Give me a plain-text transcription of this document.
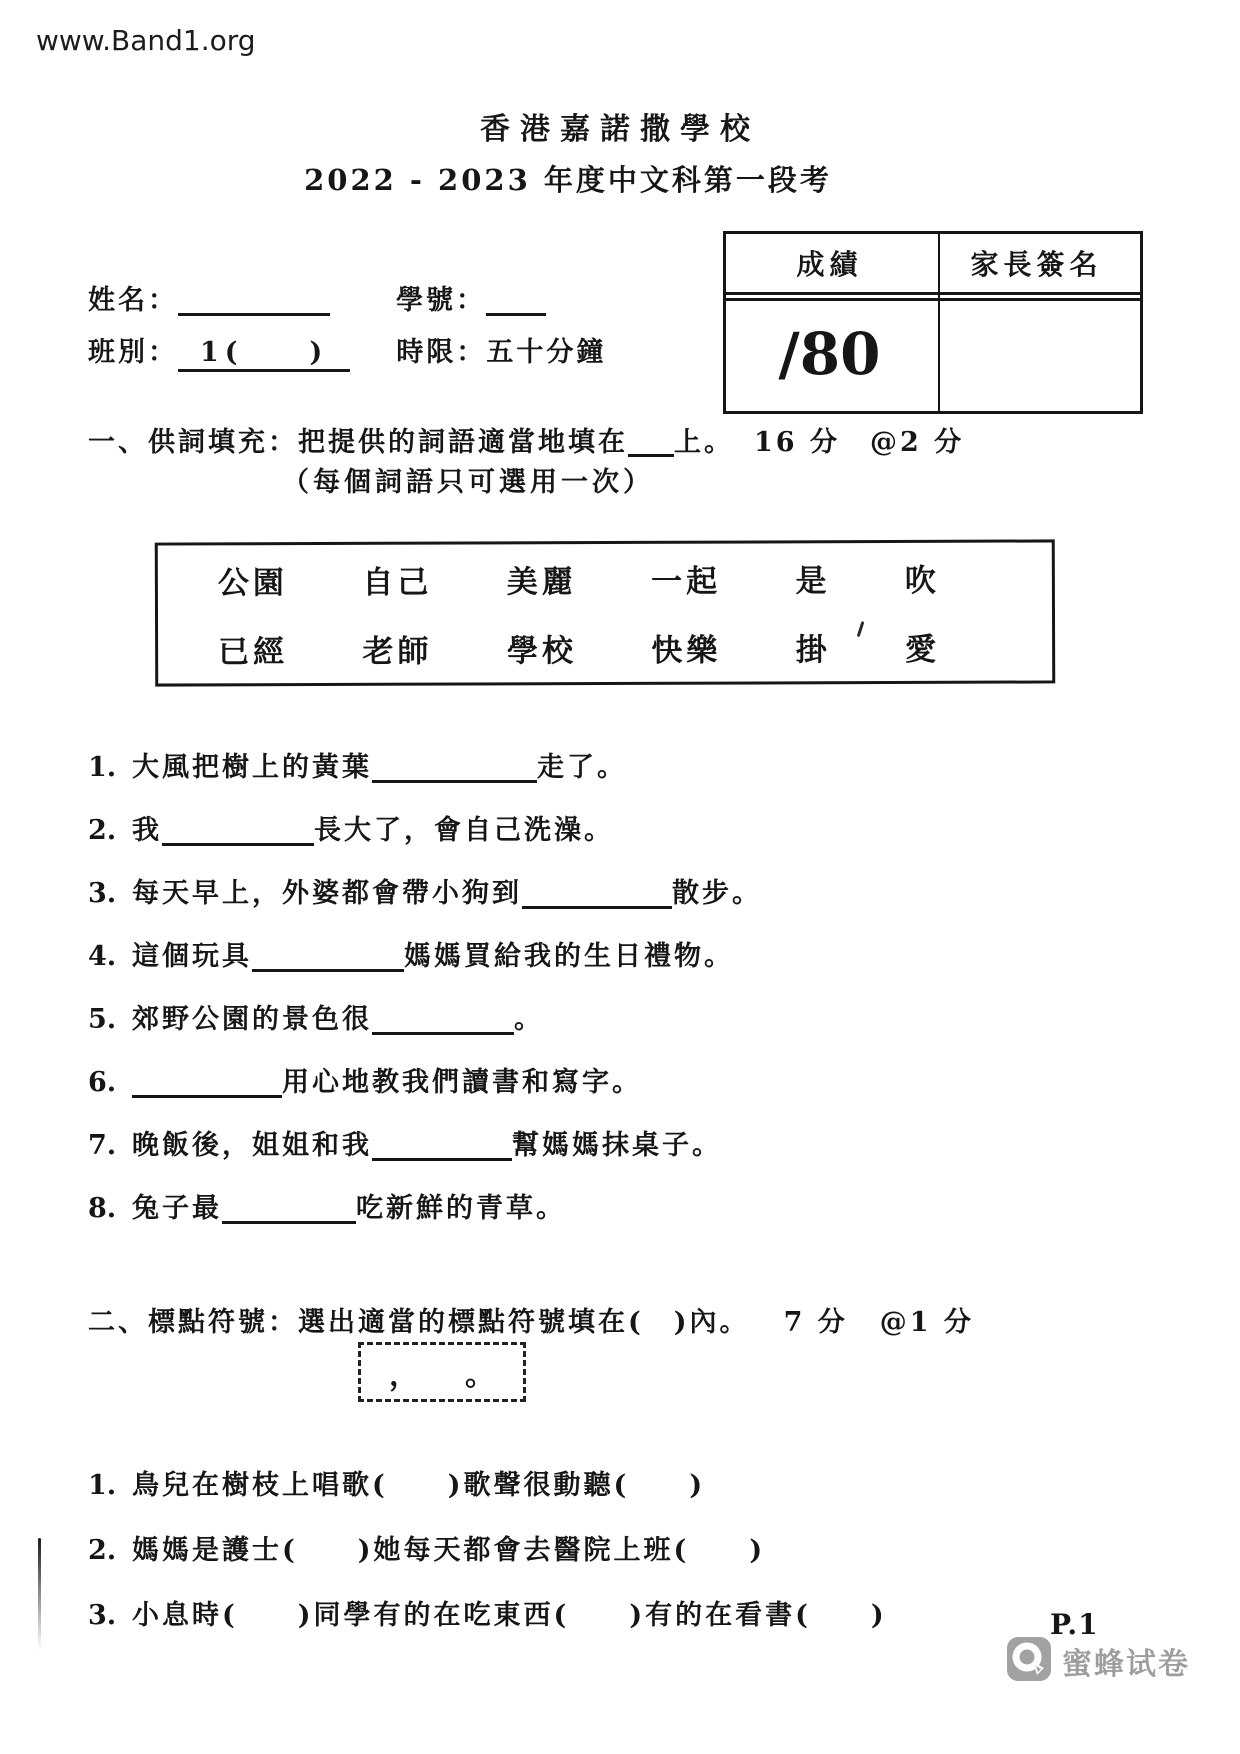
www.Band1.org
香港嘉諾撒學校
2022 - 2023 年度中文科第一段考
成績	家長簽名
/80
姓名：	學號：
班別： 1(　　)	時限：五十分鐘
一、供詞填充：把提供的詞語適當地填在 上。 16 分 @2 分
（每個詞語只可選用一次）
公園 自己 美麗 一起 是 吹
已經 老師 學校 快樂 掛 愛
1. 大風把樹上的黃葉	走了。
2. 我	長大了，會自己洗澡。
3. 每天早上，外婆都會帶小狗到	散步。
4. 這個玩具	媽媽買給我的生日禮物。
5. 郊野公園的景色很	。
6.	用心地教我們讀書和寫字。
7. 晚飯後，姐姐和我	幫媽媽抹桌子。
8. 兔子最	吃新鮮的青草。
二、標點符號：選出適當的標點符號填在(　)內。 7 分 @1 分
， 。
1. 鳥兒在樹枝上唱歌(　　)歌聲很動聽(　　)
2. 媽媽是護士(　　)她每天都會去醫院上班(　　)
3. 小息時(　　)同學有的在吃東西(　　)有的在看書(　　)	P.1
蜜蜂试卷
